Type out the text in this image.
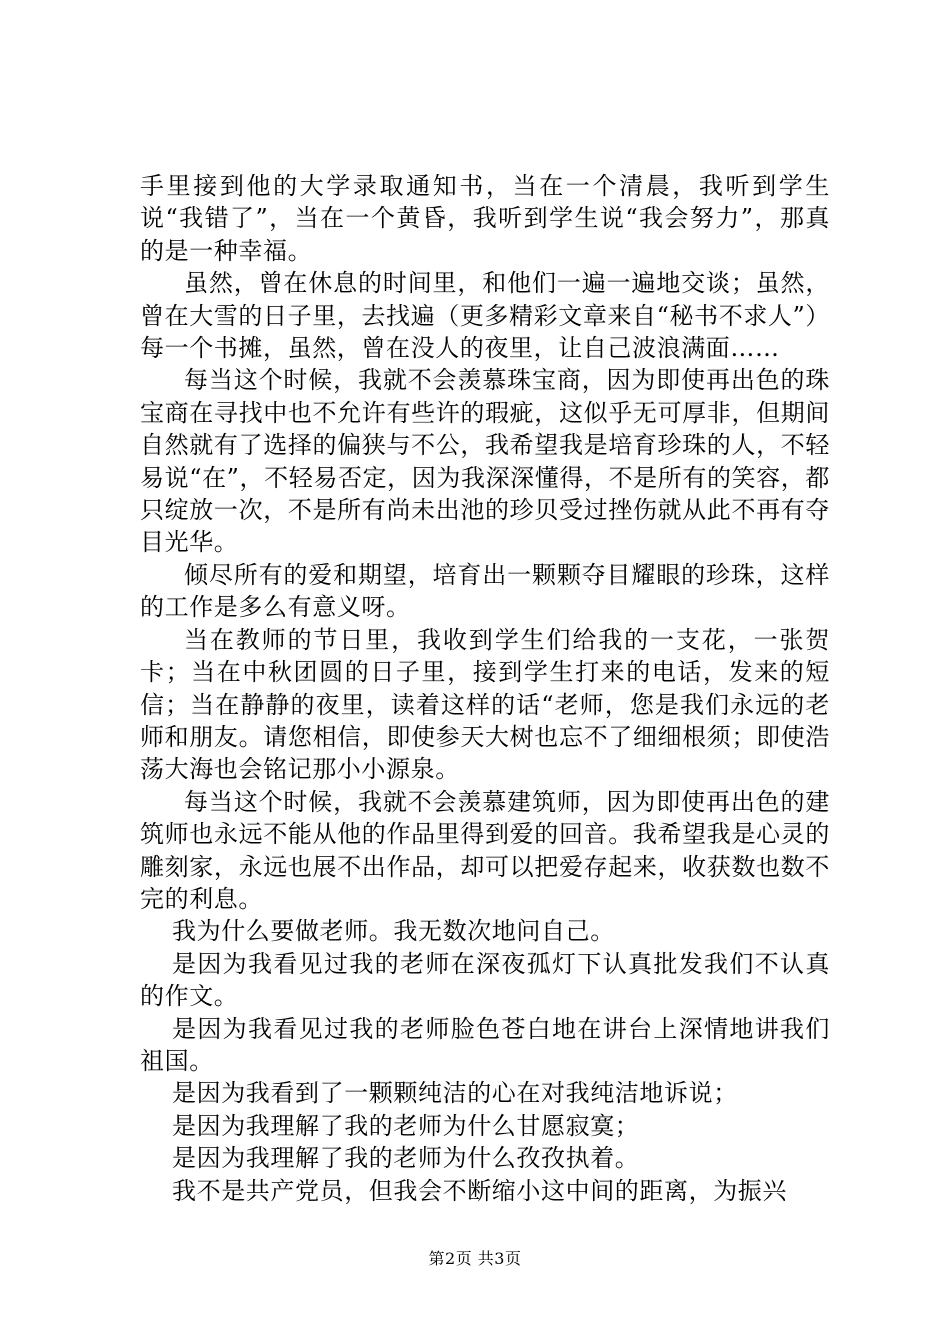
手里接到他的大学录取通知书，当在一个清晨，我听到学生说“我错了”，当在一个黄昏，我听到学生说“我会努力”，那真的是一种幸福。

虽然，曾在休息的时间里，和他们一遍一遍地交谈；虽然，曾在大雪的日子里，去找遍（更多精彩文章来自“秘书不求人”）每一个书摊，虽然，曾在没人的夜里，让自己波浪满面……

每当这个时候，我就不会羡慕珠宝商，因为即使再出色的珠宝商在寻找中也不允许有些许的瑕疵，这似乎无可厚非，但期间自然就有了选择的偏狭与不公，我希望我是培育珍珠的人，不轻易说“在”，不轻易否定，因为我深深懂得，不是所有的笑容，都只绽放一次，不是所有尚未出池的珍贝受过挫伤就从此不再有夺目光华。

倾尽所有的爱和期望，培育出一颗颗夺目耀眼的珍珠，这样的工作是多么有意义呀。

当在教师的节日里，我收到学生们给我的一支花，一张贺卡；当在中秋团圆的日子里，接到学生打来的电话，发来的短信；当在静静的夜里，读着这样的话“老师，您是我们永远的老师和朋友。请您相信，即使参天大树也忘不了细细根须；即使浩荡大海也会铭记那小小源泉。

每当这个时候，我就不会羡慕建筑师，因为即使再出色的建筑师也永远不能从他的作品里得到爱的回音。我希望我是心灵的雕刻家，永远也展不出作品，却可以把爱存起来，收获数也数不完的利息。

我为什么要做老师。我无数次地问自己。

是因为我看见过我的老师在深夜孤灯下认真批发我们不认真的作文。

是因为我看见过我的老师脸色苍白地在讲台上深情地讲我们祖国。

是因为我看到了一颗颗纯洁的心在对我纯洁地诉说；

是因为我理解了我的老师为什么甘愿寂寞；

是因为我理解了我的老师为什么孜孜执着。

我不是共产党员，但我会不断缩小这中间的距离，为振兴

第2页 共3页
